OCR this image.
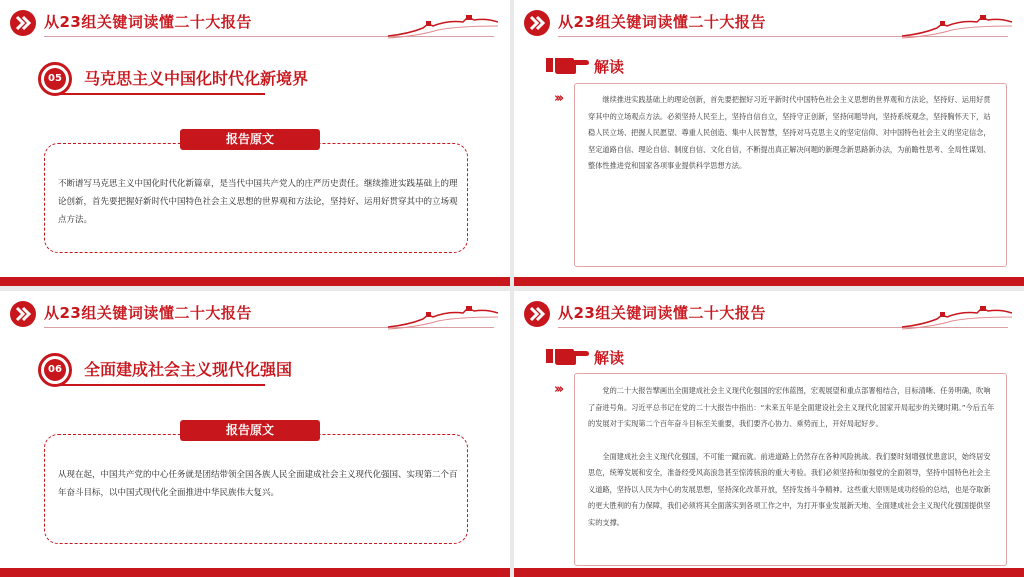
从23组关键词读懂二十大报告
05 马克思主义中国化时代化新境界
报告原文
不断谱写马克思主义中国化时代化新篇章，是当代中国共产党人的庄严历史责任。继续推进实践基础上的理论创新，首先要把握好新时代中国特色社会主义思想的世界观和方法论，坚持好、运用好贯穿其中的立场观点方法。
从23组关键词读懂二十大报告
解读
›››	继续推进实践基础上的理论创新，首先要把握好习近平新时代中国特色社会主义思想的世界观和方法论，坚持好、运用好贯穿其中的立场观点方法。必须坚持人民至上，坚持自信自立，坚持守正创新，坚持问题导向，坚持系统观念，坚持胸怀天下，站稳人民立场、把握人民愿望、尊重人民创造、集中人民智慧，坚持对马克思主义的坚定信仰、对中国特色社会主义的坚定信念，坚定道路自信、理论自信、制度自信、文化自信，不断提出真正解决问题的新理念新思路新办法，为前瞻性思考、全局性谋划、整体性推进党和国家各项事业提供科学思想方法。

从23组关键词读懂二十大报告
06 全面建成社会主义现代化强国
报告原文
从现在起，中国共产党的中心任务就是团结带领全国各族人民全面建成社会主义现代化强国、实现第二个百年奋斗目标，以中国式现代化全面推进中华民族伟大复兴。
从23组关键词读懂二十大报告
解读
›››	党的二十大报告擘画出全面建成社会主义现代化强国的宏伟蓝图，宏观展望和重点部署相结合，目标清晰、任务明确，吹响了奋进号角。习近平总书记在党的二十大报告中指出：“未来五年是全面建设社会主义现代化国家开局起步的关键时期。”今后五年的发展对于实现第二个百年奋斗目标至关重要，我们要齐心协力、乘势而上，开好局起好步。

全面建成社会主义现代化强国，不可能一蹴而就。前进道路上仍然存在各种风险挑战。我们要时刻增强忧患意识，始终居安思危，统筹发展和安全，准备经受风高浪急甚至惊涛骇浪的重大考验。我们必须坚持和加强党的全面领导，坚持中国特色社会主义道路，坚持以人民为中心的发展思想，坚持深化改革开放，坚持发扬斗争精神。这些重大原则是成功经验的总结，也是夺取新的更大胜利的有力保障，我们必须将其全面落实到各项工作之中，为打开事业发展新天地、全面建成社会主义现代化强国提供坚实的支撑。
